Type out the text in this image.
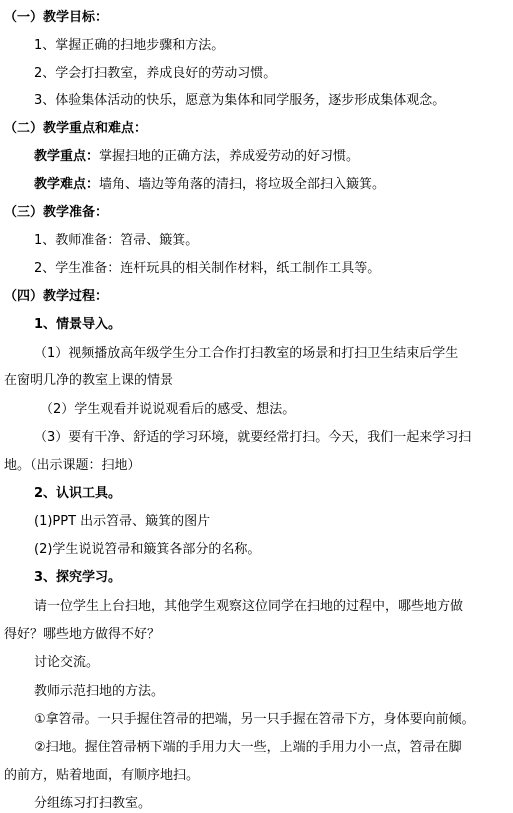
（一）教学目标：
1、掌握正确的扫地步骤和方法。
2、学会打扫教室，养成良好的劳动习惯。
3、体验集体活动的快乐，愿意为集体和同学服务，逐步形成集体观念。
（二）教学重点和难点：
教学重点：掌握扫地的正确方法，养成爱劳动的好习惯。
教学难点：墙角、墙边等角落的清扫，将垃圾全部扫入簸箕。
（三）教学准备：
1、教师准备：笤帚、簸箕。
2、学生准备：连杆玩具的相关制作材料，纸工制作工具等。
（四）教学过程：
1、情景导入。
（1）视频播放高年级学生分工合作打扫教室的场景和打扫卫生结束后学生
在窗明几净的教室上课的情景
（2）学生观看并说说观看后的感受、想法。
（3）要有干净、舒适的学习环境，就要经常打扫。今天，我们一起来学习扫
地。（出示课题：扫地）
2、认识工具。
(1)PPT 出示笤帚、簸箕的图片
(2)学生说说笤帚和簸箕各部分的名称。
3、探究学习。
请一位学生上台扫地，其他学生观察这位同学在扫地的过程中，哪些地方做
得好？哪些地方做得不好？
讨论交流。
教师示范扫地的方法。
①拿笤帚。一只手握住笤帚的把端，另一只手握在笤帚下方，身体要向前倾。
②扫地。握住笤帚柄下端的手用力大一些，上端的手用力小一点，笤帚在脚
的前方，贴着地面，有顺序地扫。
分组练习打扫教室。
